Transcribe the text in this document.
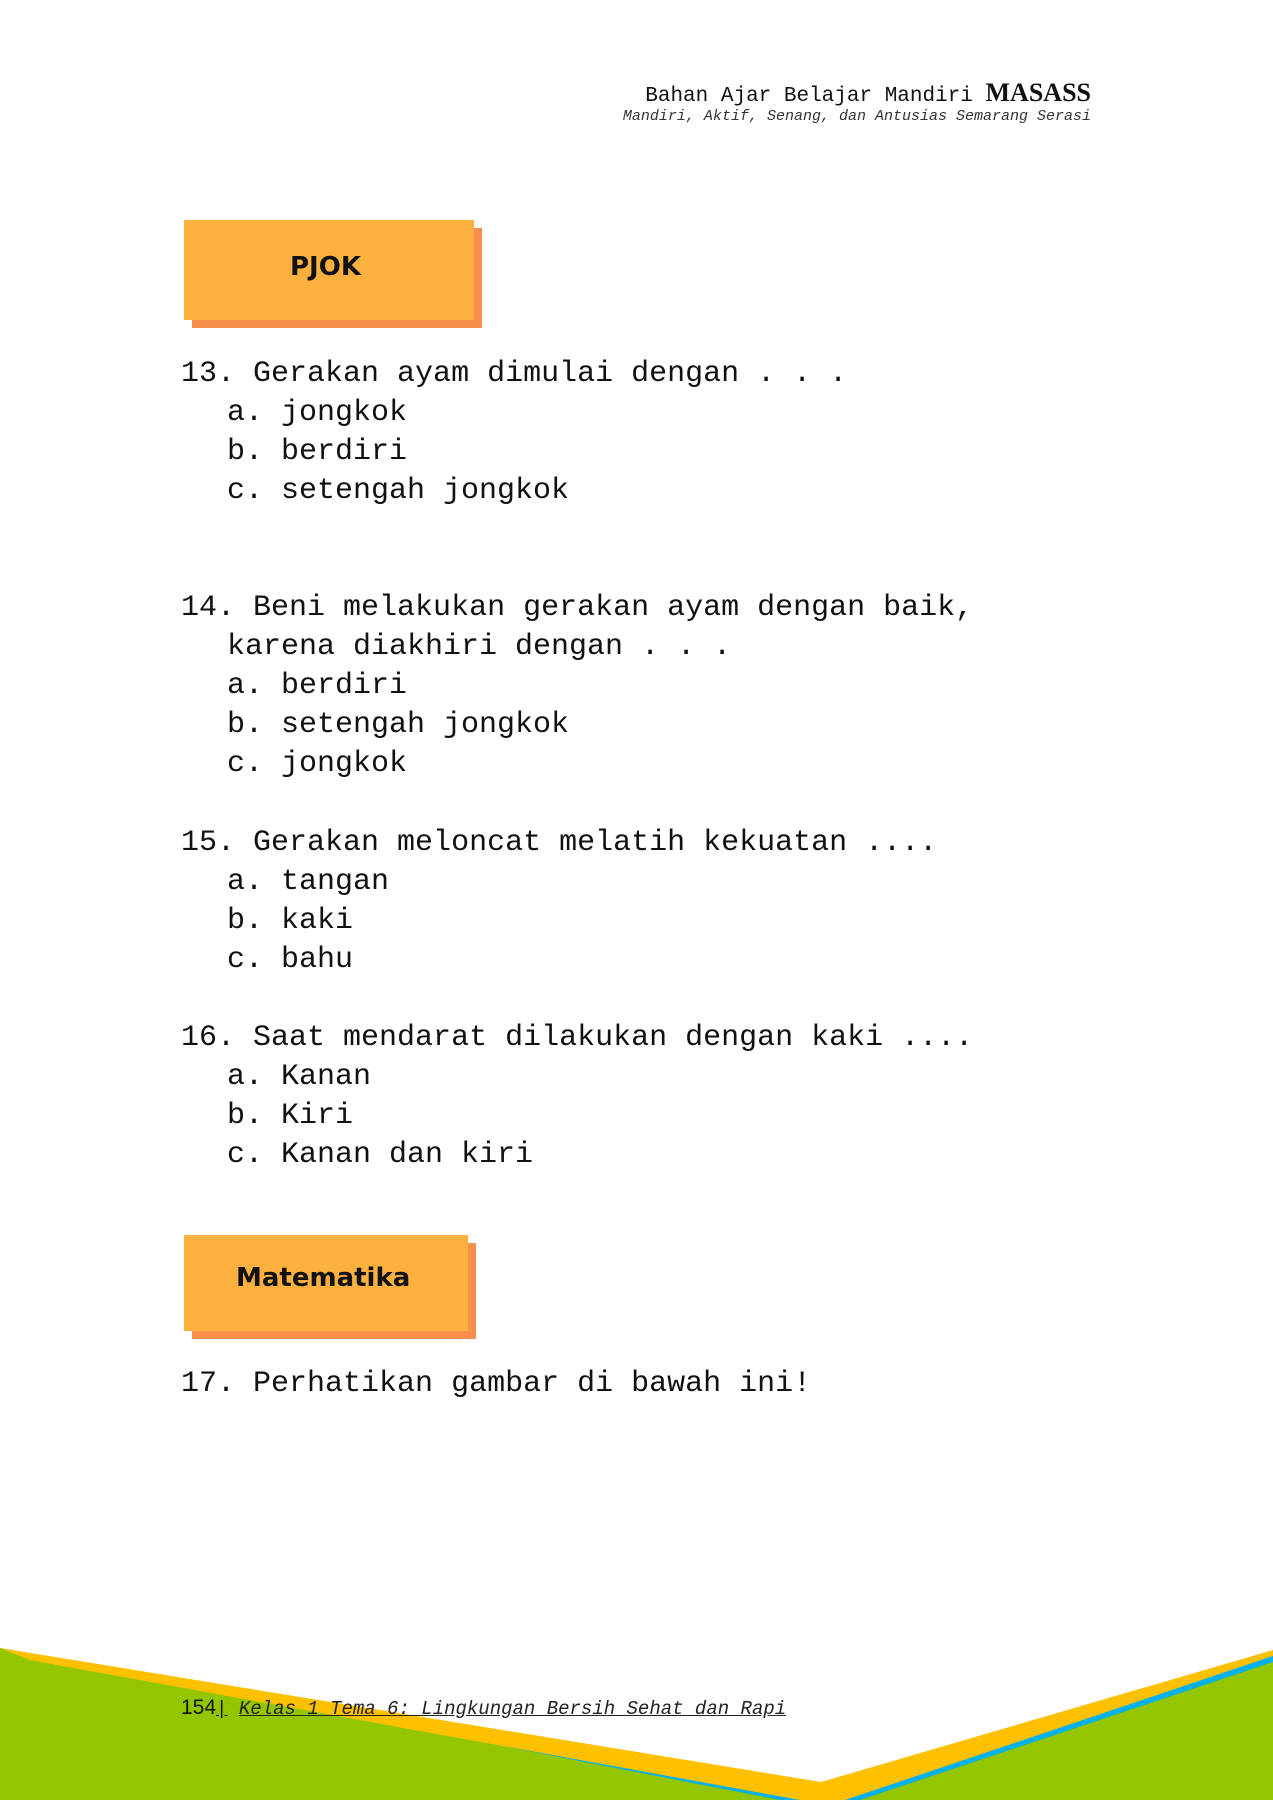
Bahan Ajar Belajar Mandiri MASASS
Mandiri, Aktif, Senang, dan Antusias Semarang Serasi
PJOK
13. Gerakan ayam dimulai dengan . . .
a. jongkok
b. berdiri
c. setengah jongkok
14. Beni melakukan gerakan ayam dengan baik,
karena diakhiri dengan . . .
a. berdiri
b. setengah jongkok
c. jongkok
15. Gerakan meloncat melatih kekuatan ....
a. tangan
b. kaki
c. bahu
16. Saat mendarat dilakukan dengan kaki ....
a. Kanan
b. Kiri
c. Kanan dan kiri
Matematika
17. Perhatikan gambar di bawah ini!
154| Kelas 1 Tema 6: Lingkungan Bersih Sehat dan Rapi
